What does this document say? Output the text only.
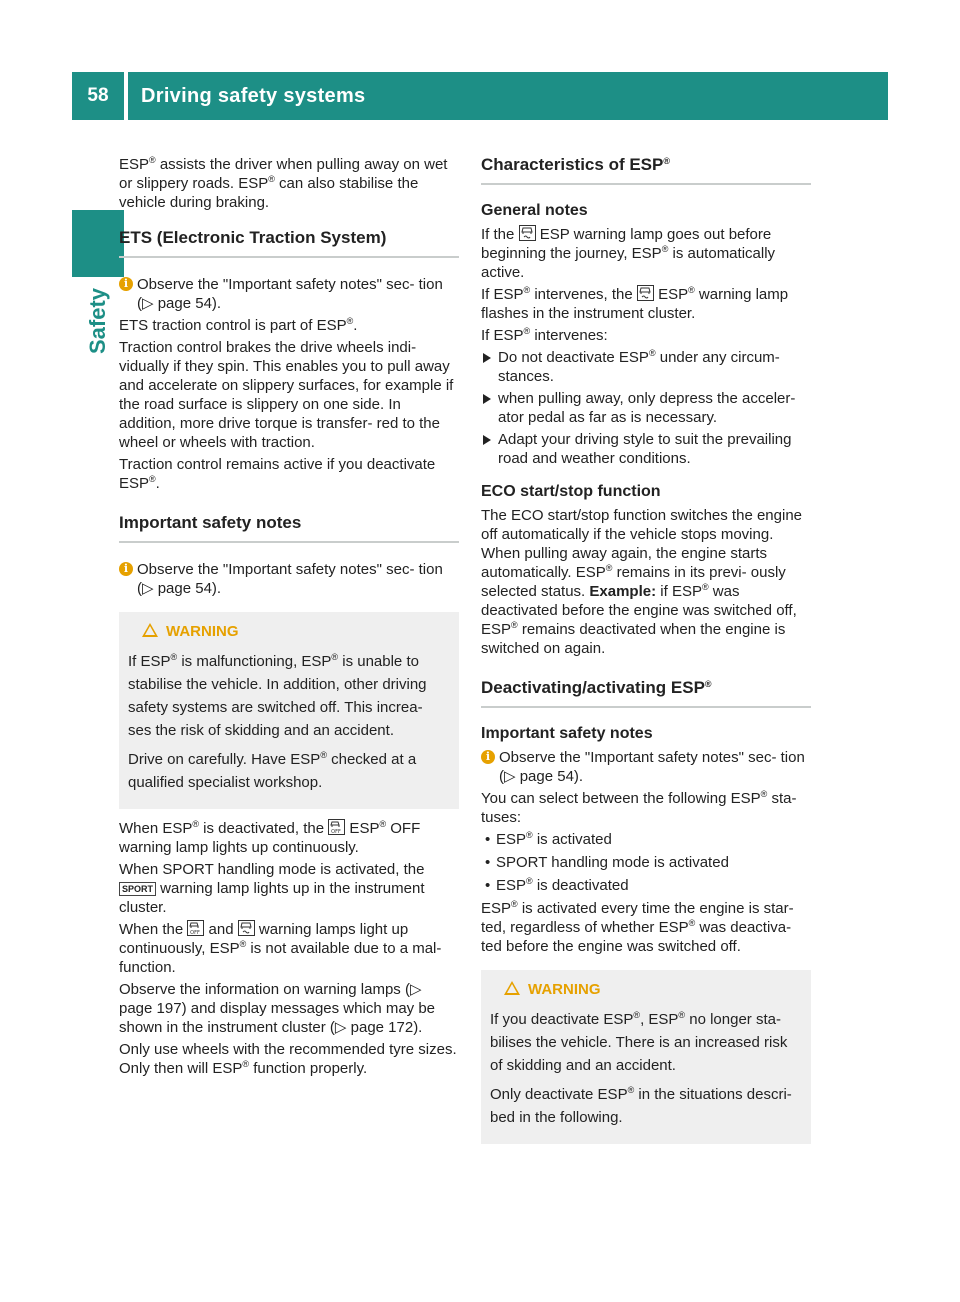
58	Driving safety systems
Safety

ESP® assists the driver when pulling away on wet or slippery roads. ESP® can also stabilise the vehicle during braking.

ETS (Electronic Traction System)
i Observe the "Important safety notes" sec- tion (▷ page 54).

ETS traction control is part of ESP®.

Traction control brakes the drive wheels indi- vidually if they spin. This enables you to pull away and accelerate on slippery surfaces, for example if the road surface is slippery on one side. In addition, more drive torque is transfer- red to the wheel or wheels with traction.

Traction control remains active if you deactivate ESP®.

Important safety notes
i Observe the "Important safety notes" sec- tion (▷ page 54).
WARNING

If ESP® is malfunctioning, ESP® is unable to stabilise the vehicle. In addition, other driving safety systems are switched off. This increa- ses the risk of skidding and an accident.

Drive on carefully. Have ESP® checked at a qualified specialist workshop.

When ESP® is deactivated, the OFF ESP® OFF warning lamp lights up continuously.

When SPORT handling mode is activated, the SPORT warning lamp lights up in the instrument cluster.

When the OFF and  warning lamps light up continuously, ESP® is not available due to a mal- function.

Observe the information on warning lamps (▷ page 197) and display messages which may be shown in the instrument cluster (▷ page 172).

Only use wheels with the recommended tyre sizes. Only then will ESP® function properly.

Characteristics of ESP®
General notes

If the  ESP warning lamp goes out before beginning the journey, ESP® is automatically active.

If ESP® intervenes, the  ESP® warning lamp flashes in the instrument cluster.

If ESP® intervenes:

Do not deactivate ESP® under any circum- stances.
when pulling away, only depress the acceler- ator pedal as far as is necessary.
Adapt your driving style to suit the prevailing road and weather conditions.
ECO start/stop function

The ECO start/stop function switches the engine off automatically if the vehicle stops moving. When pulling away again, the engine starts automatically. ESP® remains in its previ- ously selected status. Example: if ESP® was deactivated before the engine was switched off, ESP® remains deactivated when the engine is switched on again.

Deactivating/activating ESP®
Important safety notes
i Observe the "Important safety notes" sec- tion (▷ page 54).

You can select between the following ESP® sta- tuses:

• ESP® is activated
• SPORT handling mode is activated
• ESP® is deactivated

ESP® is activated every time the engine is star- ted, regardless of whether ESP® was deactiva- ted before the engine was switched off.

WARNING

If you deactivate ESP®, ESP® no longer sta- bilises the vehicle. There is an increased risk of skidding and an accident.

Only deactivate ESP® in the situations descri- bed in the following.
